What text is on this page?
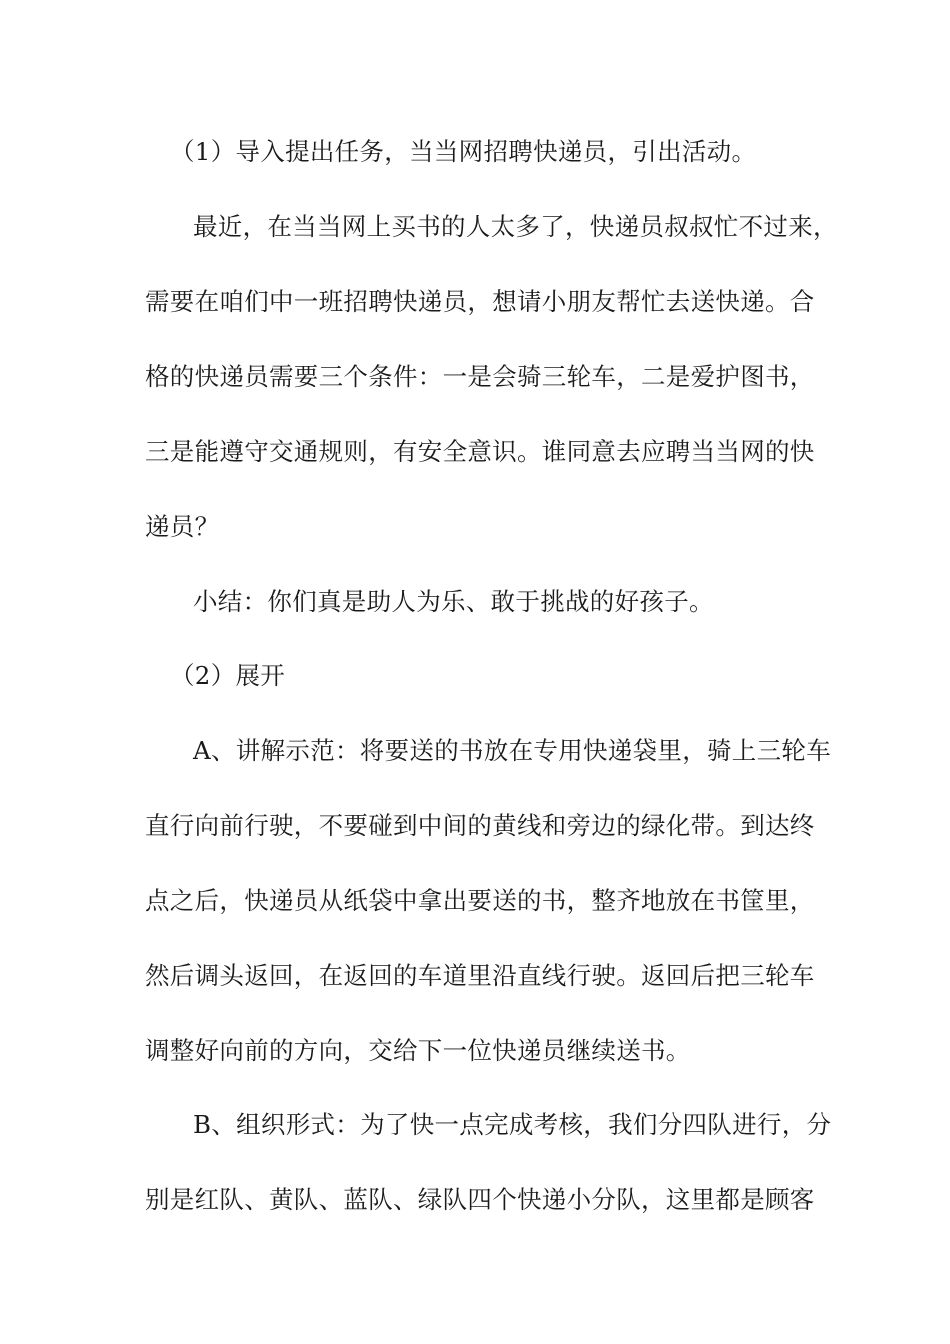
（1）导入提出任务，当当网招聘快递员，引出活动。
最近，在当当网上买书的人太多了，快递员叔叔忙不过来，
需要在咱们中一班招聘快递员，想请小朋友帮忙去送快递。合
格的快递员需要三个条件：一是会骑三轮车，二是爱护图书，
三是能遵守交通规则，有安全意识。谁同意去应聘当当网的快
递员？
小结：你们真是助人为乐、敢于挑战的好孩子。
（2）展开
A、讲解示范：将要送的书放在专用快递袋里，骑上三轮车
直行向前行驶，不要碰到中间的黄线和旁边的绿化带。到达终
点之后，快递员从纸袋中拿出要送的书，整齐地放在书筐里，
然后调头返回，在返回的车道里沿直线行驶。返回后把三轮车
调整好向前的方向，交给下一位快递员继续送书。
B、组织形式：为了快一点完成考核，我们分四队进行，分
别是红队、黄队、蓝队、绿队四个快递小分队，这里都是顾客
